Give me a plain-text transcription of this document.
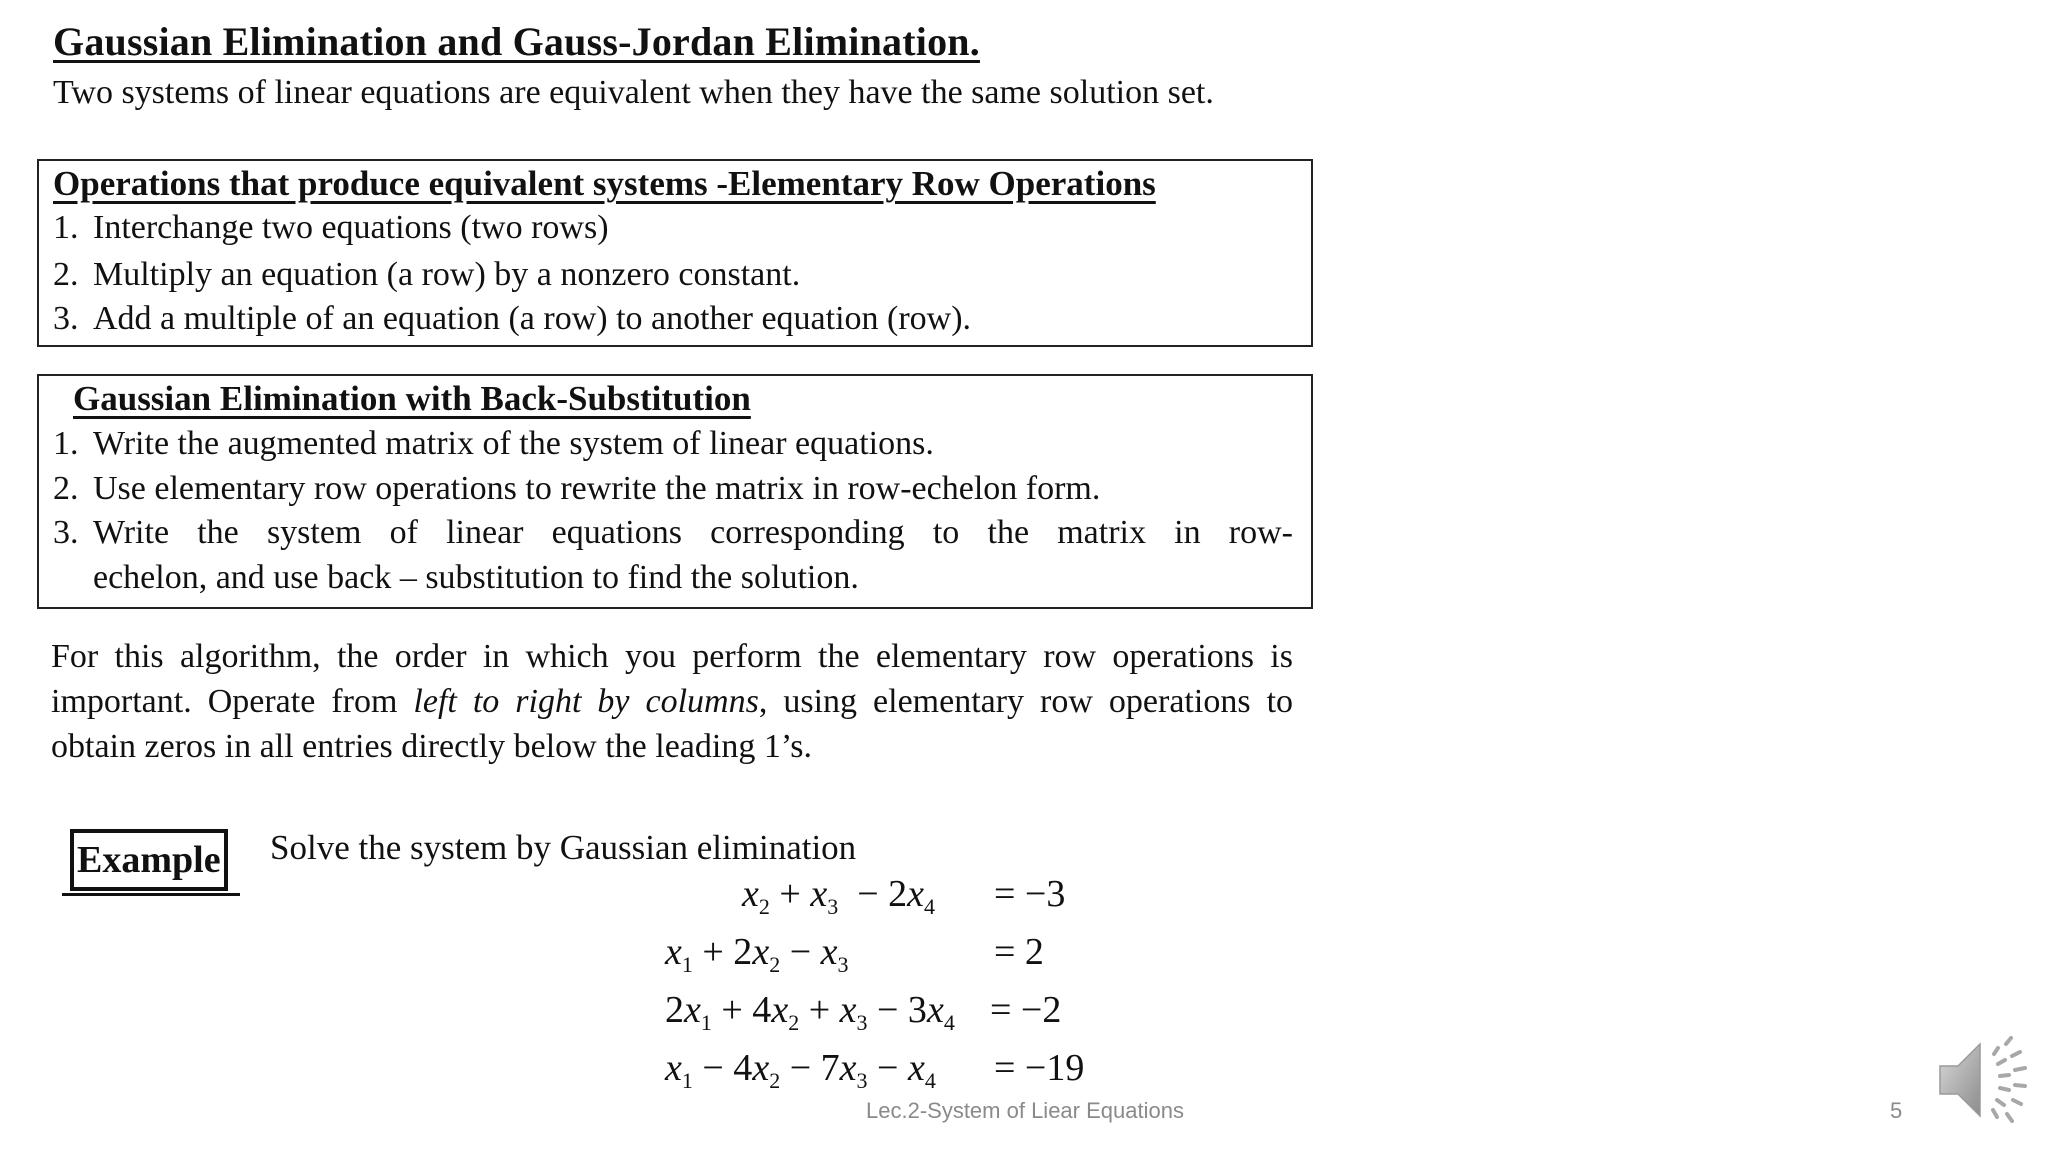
Gaussian Elimination and Gauss-Jordan Elimination.
Two systems of linear equations are equivalent when they have the same solution set.
Operations that produce equivalent systems -Elementary Row Operations
1. Interchange two equations (two rows)
2. Multiply an equation (a row) by a nonzero constant.
3. Add a multiple of an equation (a row) to another equation (row).
Gaussian Elimination with Back-Substitution
1. Write the augmented matrix of the system of linear equations.
2. Use elementary row operations to rewrite the matrix in row-echelon form.
3. Write the system of linear equations corresponding to the matrix in row-
echelon, and use back – substitution to find the solution.
For this algorithm, the order in which you perform the elementary row operations is important. Operate from left to right by columns, using elementary row operations to obtain zeros in all entries directly below the leading 1’s.
Example Solve the system by Gaussian elimination
$x_2 + x_3 - 2x_4 = -3$
$x_1 + 2x_2 - x_3$	= 2
$2x_1 + 4x_2 + x_3 - 3x_4 = -2$
$x_1 - 4x_2 - 7x_3 - x_4 = -19$
Lec.2-System of Liear Equations	5
